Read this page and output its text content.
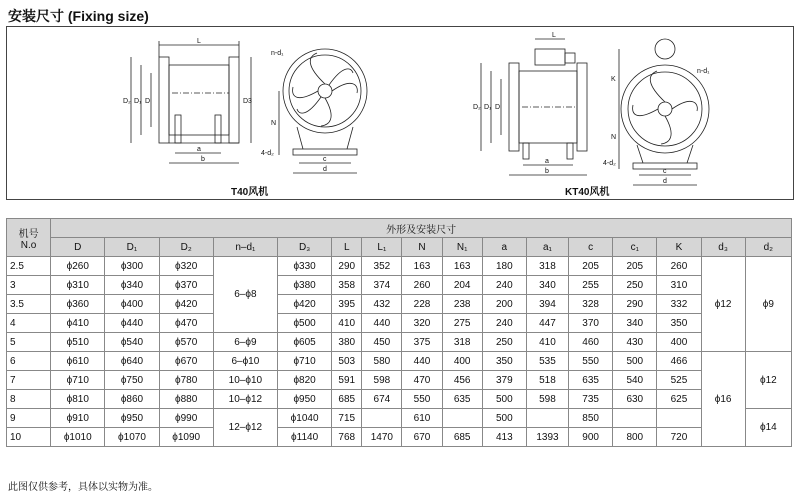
安装尺寸 (Fixing size)
L
D₂ D₁ D	D3
a
b
n-d₁
N
4-d₂
c
d
L
D₂ D₁ D
a
b
K
N
n-d₁
4-d₂
c
d
T40风机	KT40风机
机号
N.o	外形及安装尺寸															
	D	D₁	D₂	n–d₁	D₃	L	L₁	N	N₁	a	a₁	c	c₁	K	d₃	d₂
2.5	ϕ260	ϕ300	ϕ320	6–ϕ8	ϕ330	290	352	163	163	180	318	205	205	260	ϕ12	ϕ9
3	ϕ310	ϕ340	ϕ370		ϕ380	358	374	260	204	240	340	255	250	310		
3.5	ϕ360	ϕ400	ϕ420		ϕ420	395	432	228	238	200	394	328	290	332		
4	ϕ410	ϕ440	ϕ470		ϕ500	410	440	320	275	240	447	370	340	350		
5	ϕ510	ϕ540	ϕ570	6–ϕ9	ϕ605	380	450	375	318	250	410	460	430	400		
6	ϕ610	ϕ640	ϕ670	6–ϕ10	ϕ710	503	580	440	400	350	535	550	500	466	ϕ16	ϕ12
7	ϕ710	ϕ750	ϕ780	10–ϕ10	ϕ820	591	598	470	456	379	518	635	540	525		
8	ϕ810	ϕ860	ϕ880	10–ϕ12	ϕ950	685	674	550	635	500	598	735	630	625		
9	ϕ910	ϕ950	ϕ990	12–ϕ12	ϕ1040	715		610		500		850				ϕ14
10	ϕ1010	ϕ1070	ϕ1090		ϕ1140	768	1470	670	685	413	1393	900	800	720		
此图仅供参考，具体以实物为准。
